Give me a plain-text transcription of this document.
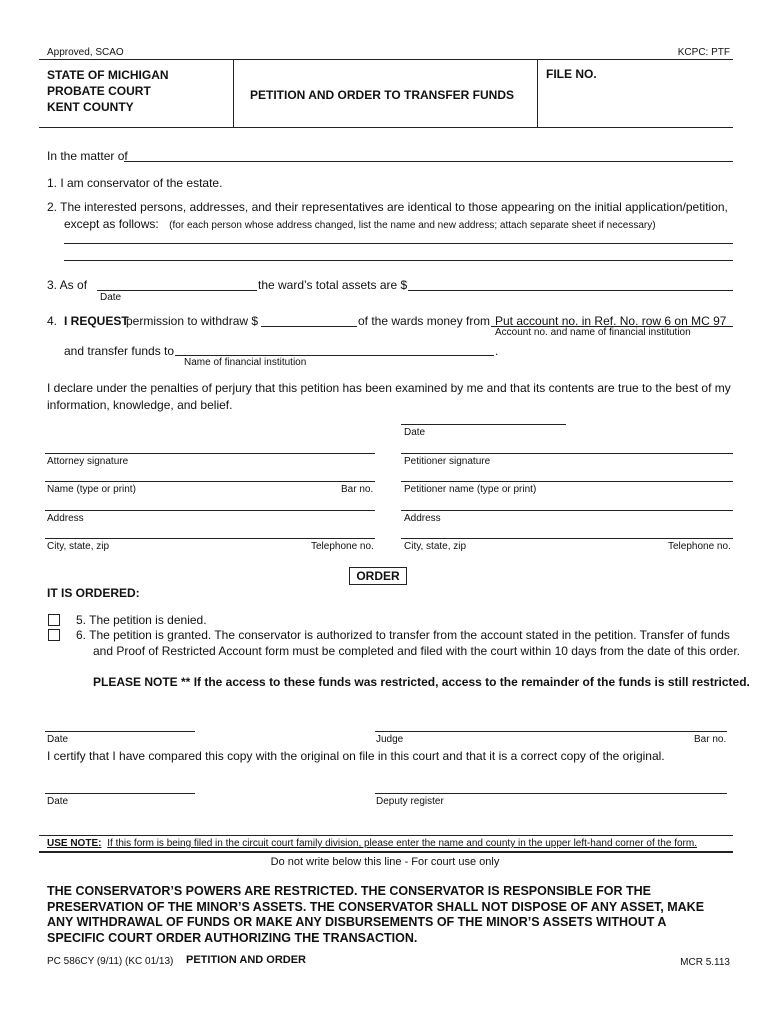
Approved, SCAO	KCPC: PTF
STATE OF MICHIGAN
PROBATE COURT
KENT COUNTY
PETITION AND ORDER TO TRANSFER FUNDS
FILE NO.
In the matter of
1. I am conservator of the estate.
2. The interested persons, addresses, and their representatives are identical to those appearing on the initial application/petition,
except as follows: (for each person whose address changed, list the name and new address; attach separate sheet if necessary)
3. As of	the ward’s total assets are $
Date
4. I REQUEST
permission to withdraw $	of the wards money from Put account no. in Ref. No. row 6 on MC 97
Account no. and name of financial institution
and transfer funds to	.
Name of financial institution
I declare under the penalties of perjury that this petition has been examined by me and that its contents are true to the best of my
information, knowledge, and belief.
Date
Attorney signature	Petitioner signature
Name (type or print)	Bar no.	Petitioner name (type or print)
Address	Address
City, state, zip	Telephone no.	City, state, zip	Telephone no.
ORDER
IT IS ORDERED:
5. The petition is denied.
6. The petition is granted. The conservator is authorized to transfer from the account stated in the petition. Transfer of funds
and Proof of Restricted Account form must be completed and filed with the court within 10 days from the date of this order.
PLEASE NOTE ** If the access to these funds was restricted, access to the remainder of the funds is still restricted.
Date	Judge	Bar no.
I certify that I have compared this copy with the original on file in this court and that it is a correct copy of the original.
Date	Deputy register
USE NOTE: If this form is being filed in the circuit court family division, please enter the name and county in the upper left-hand corner of the form.
Do not write below this line - For court use only
THE CONSERVATOR’S POWERS ARE RESTRICTED. THE CONSERVATOR IS RESPONSIBLE FOR THE
PRESERVATION OF THE MINOR’S ASSETS. THE CONSERVATOR SHALL NOT DISPOSE OF ANY ASSET, MAKE
ANY WITHDRAWAL OF FUNDS OR MAKE ANY DISBURSEMENTS OF THE MINOR’S ASSETS WITHOUT A
SPECIFIC COURT ORDER AUTHORIZING THE TRANSACTION.
PC 586CY (9/11) (KC 01/13) PETITION AND ORDER	MCR 5.113
